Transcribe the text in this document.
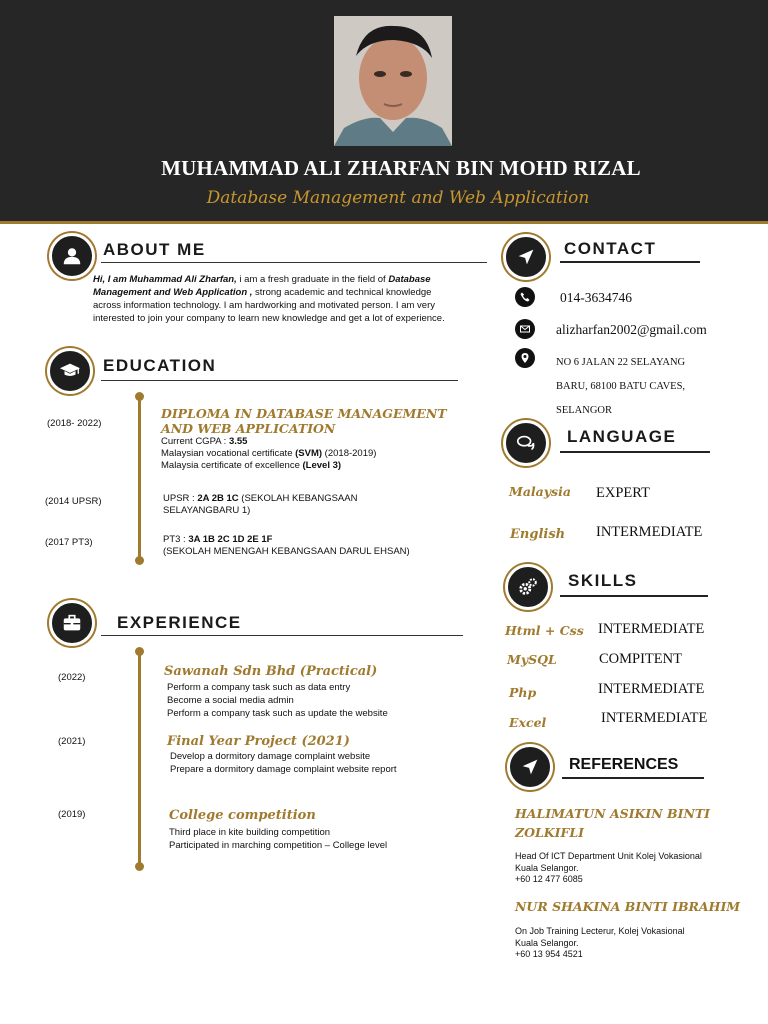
MUHAMMAD ALI ZHARFAN BIN MOHD RIZAL
Database Management and Web Application
ABOUT ME
Hi, I am Muhammad Ali Zharfan, i am a fresh graduate in the field of Database
Management and Web Application , strong academic and technical knowledge
across information technology. I am hardworking and motivated person. I am very
interested to join your company to learn new knowledge and get a lot of experience.
EDUCATION
(2018- 2022)
DIPLOMA IN DATABASE MANAGEMENT
AND WEB APPLICATION
Current CGPA : 3.55
Malaysian vocational certificate (SVM) (2018-2019)
Malaysia certificate of excellence (Level 3)
(2014 UPSR)	UPSR : 2A 2B 1C (SEKOLAH KEBANGSAAN
SELAYANGBARU 1)
(2017 PT3)	PT3 : 3A 1B 2C 1D 2E 1F
(SEKOLAH MENENGAH KEBANGSAAN DARUL EHSAN)
EXPERIENCE
(2022)	Sawanah Sdn Bhd (Practical)
Perform a company task such as data entry
Become a social media admin
Perform a company task such as update the website
(2021)	Final Year Project (2021)
Develop a dormitory damage complaint website
Prepare a dormitory damage complaint website report
(2019)	College competition
Third place in kite building competition
Participated in marching competition – College level
CONTACT
014-3634746
alizharfan2002@gmail.com
NO 6 JALAN 22 SELAYANG
BARU, 68100 BATU CAVES,
SELANGOR
LANGUAGE
Malaysia EXPERT
English INTERMEDIATE
SKILLS
Html + Css INTERMEDIATE
MySQL	COMPITENT
Php	INTERMEDIATE
Excel	INTERMEDIATE
REFERENCES
HALIMATUN ASIKIN BINTI
ZOLKIFLI
Head Of ICT Department Unit Kolej Vokasional
Kuala Selangor.
+60 12 477 6085
NUR SHAKINA BINTI IBRAHIM
On Job Training Lecterur, Kolej Vokasional
Kuala Selangor.
+60 13 954 4521
